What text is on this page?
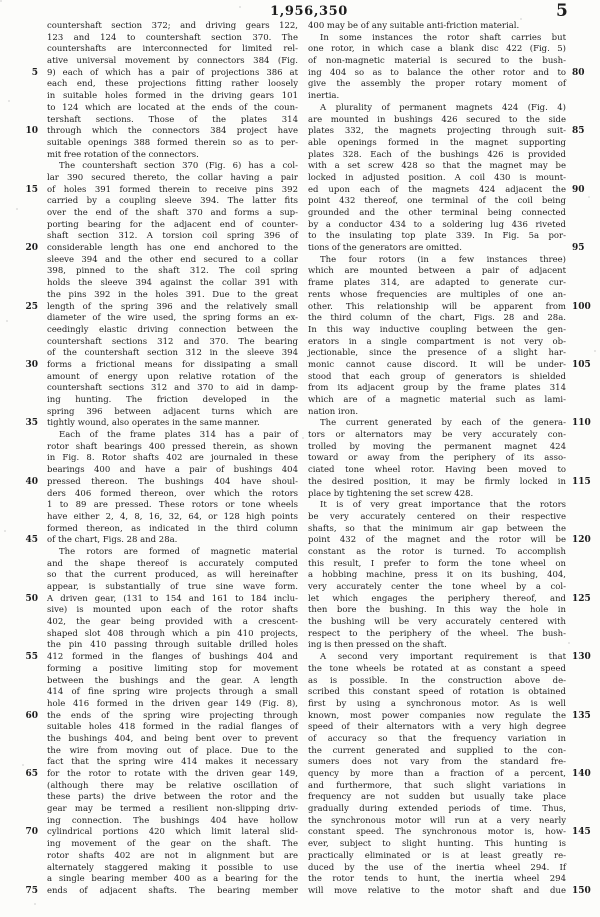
1,956,350	5
5
10
15
20
25
30
35
40
45
50
55
60
65
70
75
countershaft section 372; and driving gears 122,
123 and 124 to countershaft section 370. The
countershafts are interconnected for limited rel-
ative universal movement by connectors 384 (Fig.
9) each of which has a pair of projections 386 at
each end, these projections fitting rather loosely
in suitable holes formed in the driving gears 101
to 124 which are located at the ends of the coun-
tershaft sections. Those of the plates 314
through which the connectors 384 project have
suitable openings 388 formed therein so as to per-
mit free rotation of the connectors.
The countershaft section 370 (Fig. 6) has a col-
lar 390 secured thereto, the collar having a pair
of holes 391 formed therein to receive pins 392
carried by a coupling sleeve 394. The latter fits
over the end of the shaft 370 and forms a sup-
porting bearing for the adjacent end of counter-
shaft section 312. A torsion coil spring 396 of
considerable length has one end anchored to the
sleeve 394 and the other end secured to a collar
398, pinned to the shaft 312. The coil spring
holds the sleeve 394 against the collar 391 with
the pins 392 in the holes 391. Due to the great
length of the spring 396 and the relatively small
diameter of the wire used, the spring forms an ex-
ceedingly elastic driving connection between the
countershaft sections 312 and 370. The bearing
of the countershaft section 312 in the sleeve 394
forms a frictional means for dissipating a small
amount of energy upon relative rotation of the
countershaft sections 312 and 370 to aid in damp-
ing hunting. The friction developed in the
spring 396 between adjacent turns which are
tightly wound, also operates in the same manner.
Each of the frame plates 314 has a pair of
rotor shaft bearings 400 pressed therein, as shown
in Fig. 8. Rotor shafts 402 are journaled in these
bearings 400 and have a pair of bushings 404
pressed thereon. The bushings 404 have shoul-
ders 406 formed thereon, over which the rotors
1 to 89 are pressed. These rotors or tone wheels
have either 2, 4, 8, 16, 32, 64, or 128 high points
formed thereon, as indicated in the third column
of the chart, Figs. 28 and 28a.
The rotors are formed of magnetic material
and the shape thereof is accurately computed
so that the current produced, as will hereinafter
appear, is substantially of true sine wave form.
A driven gear, (131 to 154 and 161 to 184 inclu-
sive) is mounted upon each of the rotor shafts
402, the gear being provided with a crescent-
shaped slot 408 through which a pin 410 projects,
the pin 410 passing through suitable drilled holes
412 formed in the flanges of bushings 404 and
forming a positive limiting stop for movement
between the bushings and the gear. A length
414 of fine spring wire projects through a small
hole 416 formed in the driven gear 149 (Fig. 8),
the ends of the spring wire projecting through
suitable holes 418 formed in the radial flanges of
the bushings 404, and being bent over to prevent
the wire from moving out of place. Due to the
fact that the spring wire 414 makes it necessary
for the rotor to rotate with the driven gear 149,
(although there may be relative oscillation of
these parts) the drive between the rotor and the
gear may be termed a resilient non-slipping driv-
ing connection. The bushings 404 have hollow
cylindrical portions 420 which limit lateral slid-
ing movement of the gear on the shaft. The
rotor shafts 402 are not in alignment but are
alternately staggered making it possible to use
a single bearing member 400 as a bearing for the
ends of adjacent shafts. The bearing member
400 may be of any suitable anti-friction material.
In some instances the rotor shaft carries but
one rotor, in which case a blank disc 422 (Fig. 5)
of non-magnetic material is secured to the bush-
ing 404 so as to balance the other rotor and to
give the assembly the proper rotary moment of
inertia.
A plurality of permanent magnets 424 (Fig. 4)
are mounted in bushings 426 secured to the side
plates 332, the magnets projecting through suit-
able openings formed in the magnet supporting
plates 328. Each of the bushings 426 is provided
with a set screw 428 so that the magnet may be
locked in adjusted position. A coil 430 is mount-
ed upon each of the magnets 424 adjacent the
point 432 thereof, one terminal of the coil being
grounded and the other terminal being connected
by a conductor 434 to a soldering lug 436 riveted
to the insulating top plate 339. In Fig. 5a por-
tions of the generators are omitted.
The four rotors (in a few instances three)
which are mounted between a pair of adjacent
frame plates 314, are adapted to generate cur-
rents whose frequencies are multiples of one an-
other. This relationship will be apparent from
the third column of the chart, Figs. 28 and 28a.
In this way inductive coupling between the gen-
erators in a single compartment is not very ob-
jectionable, since the presence of a slight har-
monic cannot cause discord. It will be under-
stood that each group of generators is shielded
from its adjacent group by the frame plates 314
which are of a magnetic material such as lami-
nation iron.
The current generated by each of the genera-
tors or alternators may be very accurately con-
trolled by moving the permanent magnet 424
toward or away from the periphery of its asso-
ciated tone wheel rotor. Having been moved to
the desired position, it may be firmly locked in
place by tightening the set screw 428.
It is of very great importance that the rotors
be very accurately centered on their respective
shafts, so that the minimum air gap between the
point 432 of the magnet and the rotor will be
constant as the rotor is turned. To accomplish
this result, I prefer to form the tone wheel on
a hobbing machine, press it on its bushing, 404,
very accurately center the tone wheel by a col-
let which engages the periphery thereof, and
then bore the bushing. In this way the hole in
the bushing will be very accurately centered with
respect to the periphery of the wheel. The bush-
ing is then pressed on the shaft.
A second very important requirement is that
the tone wheels be rotated at as constant a speed
as is possible. In the construction above de-
scribed this constant speed of rotation is obtained
first by using a synchronous motor. As is well
known, most power companies now regulate the
speed of their alternators with a very high degree
of accuracy so that the frequency variation in
the current generated and supplied to the con-
sumers does not vary from the standard fre-
quency by more than a fraction of a percent,
and furthermore, that such slight variations in
frequency are not sudden but usually take place
gradually during extended periods of time. Thus,
the synchronous motor will run at a very nearly
constant speed. The synchronous motor is, how-
ever, subject to slight hunting. This hunting is
practically eliminated or is at least greatly re-
duced by the use of the inertia wheel 294. If
the rotor tends to hunt, the inertia wheel 294
will move relative to the motor shaft and due
80
85
90
95
100
105
110
115
120
125
130
135
140
145
150
